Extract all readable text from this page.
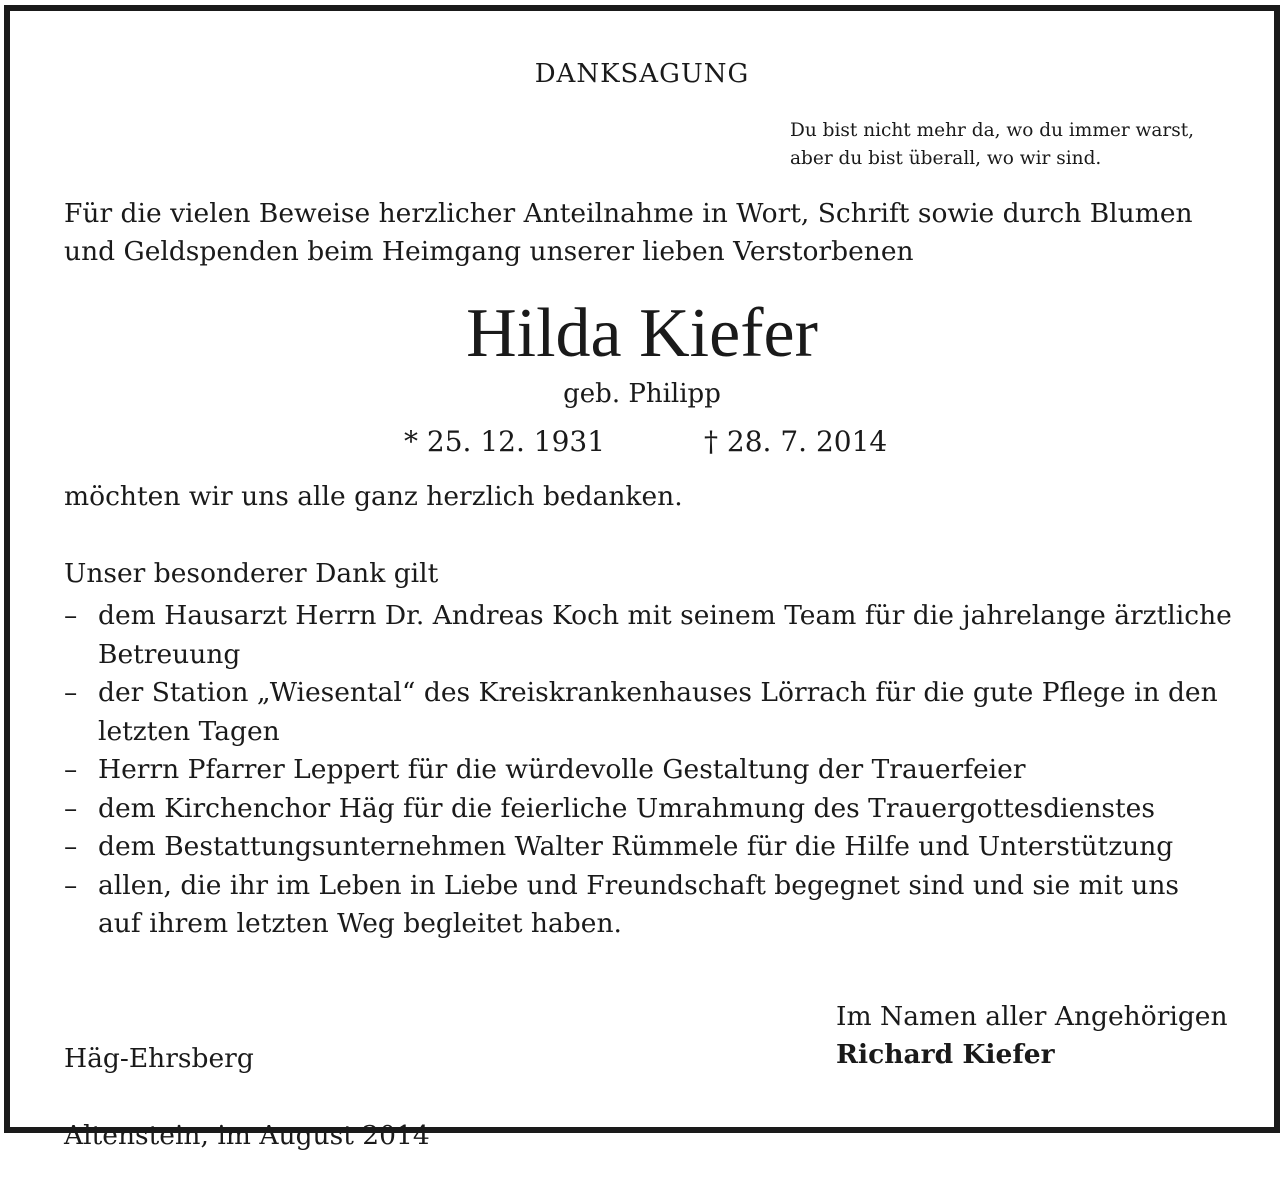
DANKSAGUNG
Du bist nicht mehr da, wo du immer warst,
aber du bist überall, wo wir sind.
Für die vielen Beweise herzlicher Anteilnahme in Wort, Schrift sowie durch Blumen
und Geldspenden beim Heimgang unserer lieben Verstorbenen
Hilda Kiefer
geb. Philipp
* 25. 12. 1931	† 28. 7. 2014
möchten wir uns alle ganz herzlich bedanken.
Unser besonderer Dank gilt
– dem Hausarzt Herrn Dr. Andreas Koch mit seinem Team für die jahrelange ärztliche
Betreuung
– der Station „Wiesental“ des Kreiskrankenhauses Lörrach für die gute Pflege in den
letzten Tagen
– Herrn Pfarrer Leppert für die würdevolle Gestaltung der Trauerfeier
– dem Kirchenchor Häg für die feierliche Umrahmung des Trauergottesdienstes
– dem Bestattungsunternehmen Walter Rümmele für die Hilfe und Unterstützung
– allen, die ihr im Leben in Liebe und Freundschaft begegnet sind und sie mit uns
auf ihrem letzten Weg begleitet haben.

Häg-Ehrsberg

Altenstein, im August 2014

Im Namen aller Angehörigen
Richard Kiefer
